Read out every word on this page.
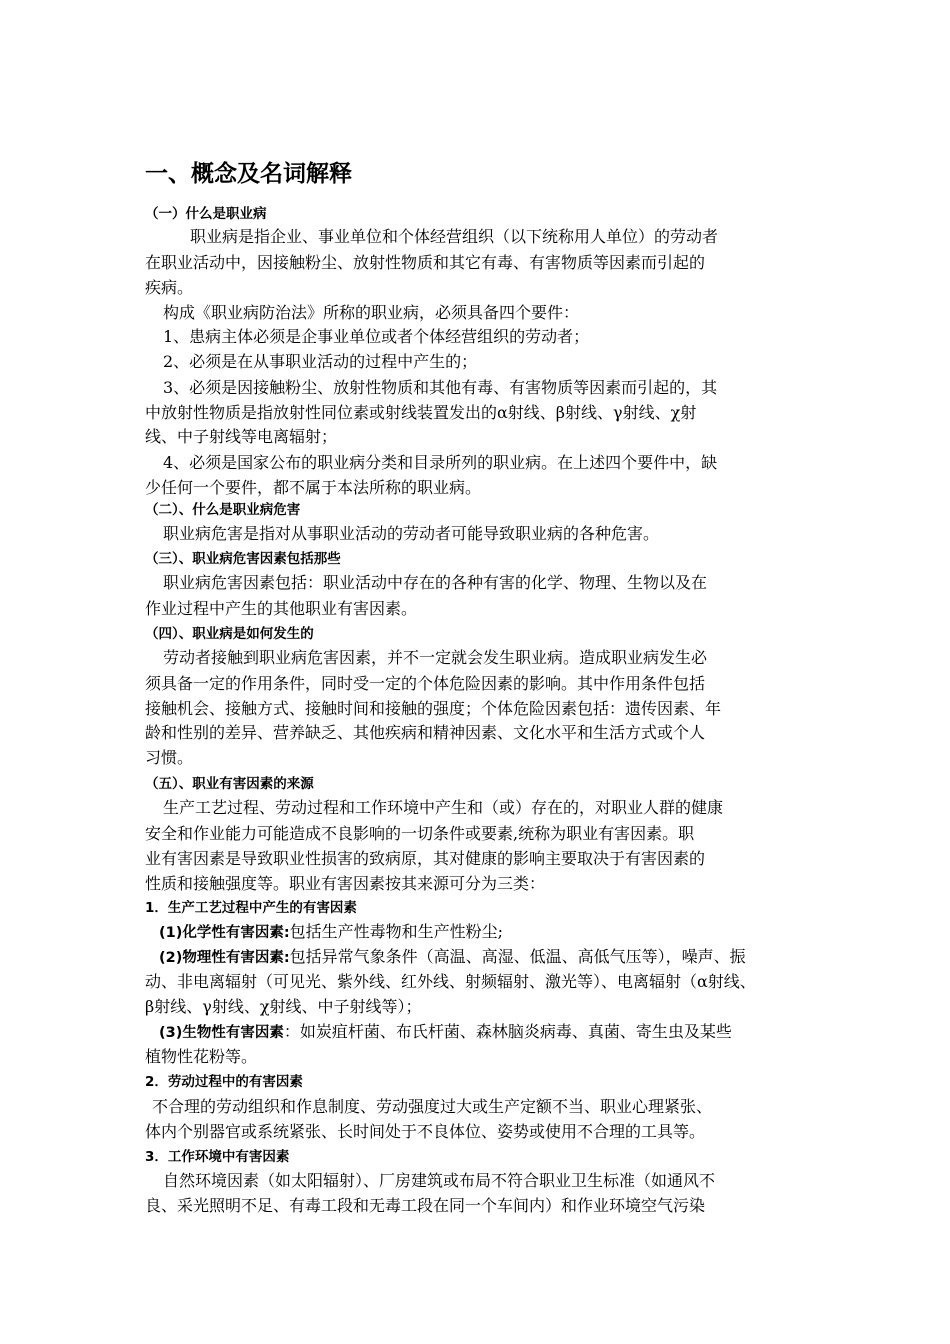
一、概念及名词解释
（一）什么是职业病
职业病是指企业、事业单位和个体经营组织（以下统称用人单位）的劳动者
在职业活动中，因接触粉尘、放射性物质和其它有毒、有害物质等因素而引起的
疾病。
构成《职业病防治法》所称的职业病，必须具备四个要件：
1、患病主体必须是企事业单位或者个体经营组织的劳动者；
2、必须是在从事职业活动的过程中产生的；
3、必须是因接触粉尘、放射性物质和其他有毒、有害物质等因素而引起的，其
中放射性物质是指放射性同位素或射线装置发出的α射线、β射线、γ射线、χ射
线、中子射线等电离辐射；
4、必须是国家公布的职业病分类和目录所列的职业病。在上述四个要件中，缺
少任何一个要件，都不属于本法所称的职业病。
（二）、什么是职业病危害
职业病危害是指对从事职业活动的劳动者可能导致职业病的各种危害。
（三）、职业病危害因素包括那些
职业病危害因素包括：职业活动中存在的各种有害的化学、物理、生物以及在
作业过程中产生的其他职业有害因素。
（四）、职业病是如何发生的
劳动者接触到职业病危害因素，并不一定就会发生职业病。造成职业病发生必
须具备一定的作用条件，同时受一定的个体危险因素的影响。其中作用条件包括
接触机会、接触方式、接触时间和接触的强度；个体危险因素包括：遗传因素、年
龄和性别的差异、营养缺乏、其他疾病和精神因素、文化水平和生活方式或个人
习惯。
（五）、职业有害因素的来源
生产工艺过程、劳动过程和工作环境中产生和（或）存在的，对职业人群的健康
安全和作业能力可能造成不良影响的一切条件或要素,统称为职业有害因素。职
业有害因素是导致职业性损害的致病原，其对健康的影响主要取决于有害因素的
性质和接触强度等。职业有害因素按其来源可分为三类：
1．生产工艺过程中产生的有害因素
(1)化学性有害因素:包括生产性毒物和生产性粉尘;
(2)物理性有害因素:包括异常气象条件（高温、高湿、低温、高低气压等），噪声、振
动、非电离辐射（可见光、紫外线、红外线、射频辐射、激光等）、电离辐射（α射线、
β射线、γ射线、χ射线、中子射线等）；
(3)生物性有害因素：如炭疽杆菌、布氏杆菌、森林脑炎病毒、真菌、寄生虫及某些
植物性花粉等。
2．劳动过程中的有害因素
不合理的劳动组织和作息制度、劳动强度过大或生产定额不当、职业心理紧张、
体内个别器官或系统紧张、长时间处于不良体位、姿势或使用不合理的工具等。
3．工作环境中有害因素
自然环境因素（如太阳辐射）、厂房建筑或布局不符合职业卫生标准（如通风不
良、采光照明不足、有毒工段和无毒工段在同一个车间内）和作业环境空气污染
